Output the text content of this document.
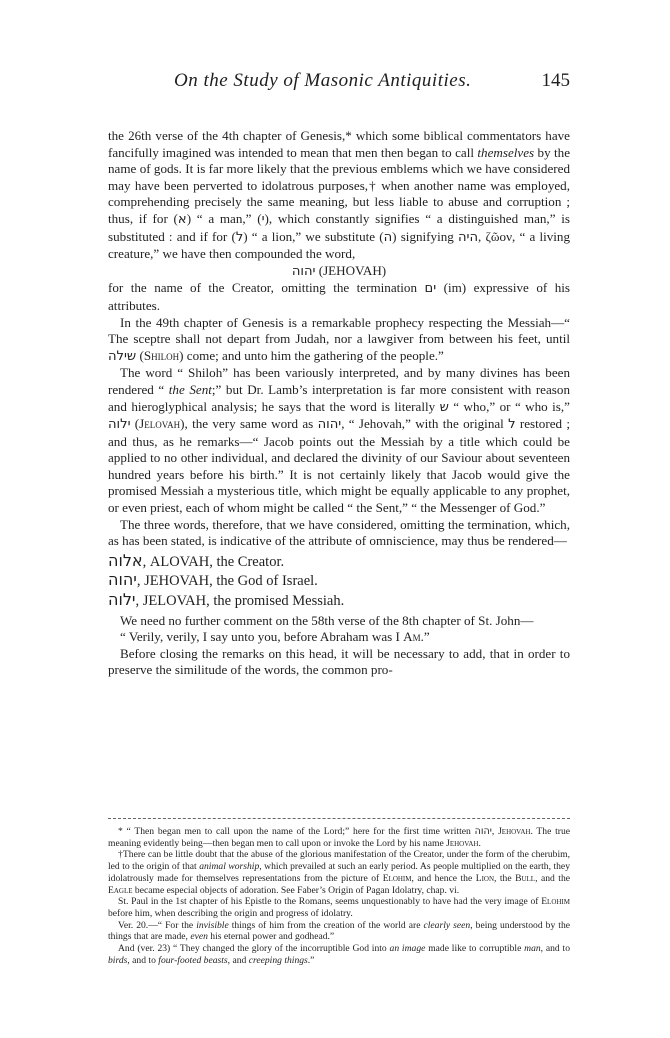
On the Study of Masonic Antiquities.	145

the 26th verse of the 4th chapter of Genesis,* which some biblical commentators have fancifully imagined was intended to mean that men then began to call themselves by the name of gods. It is far more likely that the previous emblems which we have considered may have been perverted to idolatrous purposes,† when another name was employed, comprehending precisely the same meaning, but less liable to abuse and corruption ; thus, if for (א) “ a man,” (י), which constantly signifies “ a distinguished man,” is substituted : and if for (ל) “ a lion,” we substitute (ה) signifying היה, ζῶον, “ a living creature,” we have then compounded the word,

יהוה (JEHOVAH)

for the name of the Creator, omitting the termination ים (im) expressive of his attributes.

In the 49th chapter of Genesis is a remarkable prophecy respecting the Messiah—“ The sceptre shall not depart from Judah, nor a lawgiver from between his feet, until שילה (Shiloh) come; and unto him the gathering of the people.”

The word “ Shiloh” has been variously interpreted, and by many divines has been rendered “ the Sent;” but Dr. Lamb’s interpretation is far more consistent with reason and hieroglyphical analysis; he says that the word is literally ש “ who,” or “ who is,” ילוה (Jelovah), the very same word as יהוה, “ Jehovah,” with the original ל restored ; and thus, as he remarks—“ Jacob points out the Messiah by a title which could be applied to no other individual, and declared the divinity of our Saviour about seventeen hundred years before his birth.” It is not certainly likely that Jacob would give the promised Messiah a mysterious title, which might be equally applicable to any prophet, or even priest, each of whom might be called “ the Sent,” “ the Messenger of God.”

The three words, therefore, that we have considered, omitting the termination, which, as has been stated, is indicative of the attribute of omniscience, may thus be rendered—

אלוה, ALOVAH, the Creator.

יהוה, JEHOVAH, the God of Israel.

ילוה, JELOVAH, the promised Messiah.

We need no further comment on the 58th verse of the 8th chapter of St. John—

“ Verily, verily, I say unto you, before Abraham was I Am.”

Before closing the remarks on this head, it will be necessary to add, that in order to preserve the similitude of the words, the common pro-

* “ Then began men to call upon the name of the Lord;” here for the first time written יהוה, Jehovah. The true meaning evidently being—then began men to call upon or invoke the Lord by his name Jehovah.

†There can be little doubt that the abuse of the glorious manifestation of the Creator, under the form of the cherubim, led to the origin of that animal worship, which prevailed at such an early period. As people multiplied on the earth, they idolatrously made for themselves representations from the picture of Elohim, and hence the Lion, the Bull, and the Eagle became especial objects of adoration. See Faber’s Origin of Pagan Idolatry, chap. vi.

St. Paul in the 1st chapter of his Epistle to the Romans, seems unquestionably to have had the very image of Elohim before him, when describing the origin and progress of idolatry.

Ver. 20.—“ For the invisible things of him from the creation of the world are clearly seen, being understood by the things that are made, even his eternal power and godhead.”

And (ver. 23) “ They changed the glory of the incorruptible God into an image made like to corruptible man, and to birds, and to four-footed beasts, and creeping things.”
